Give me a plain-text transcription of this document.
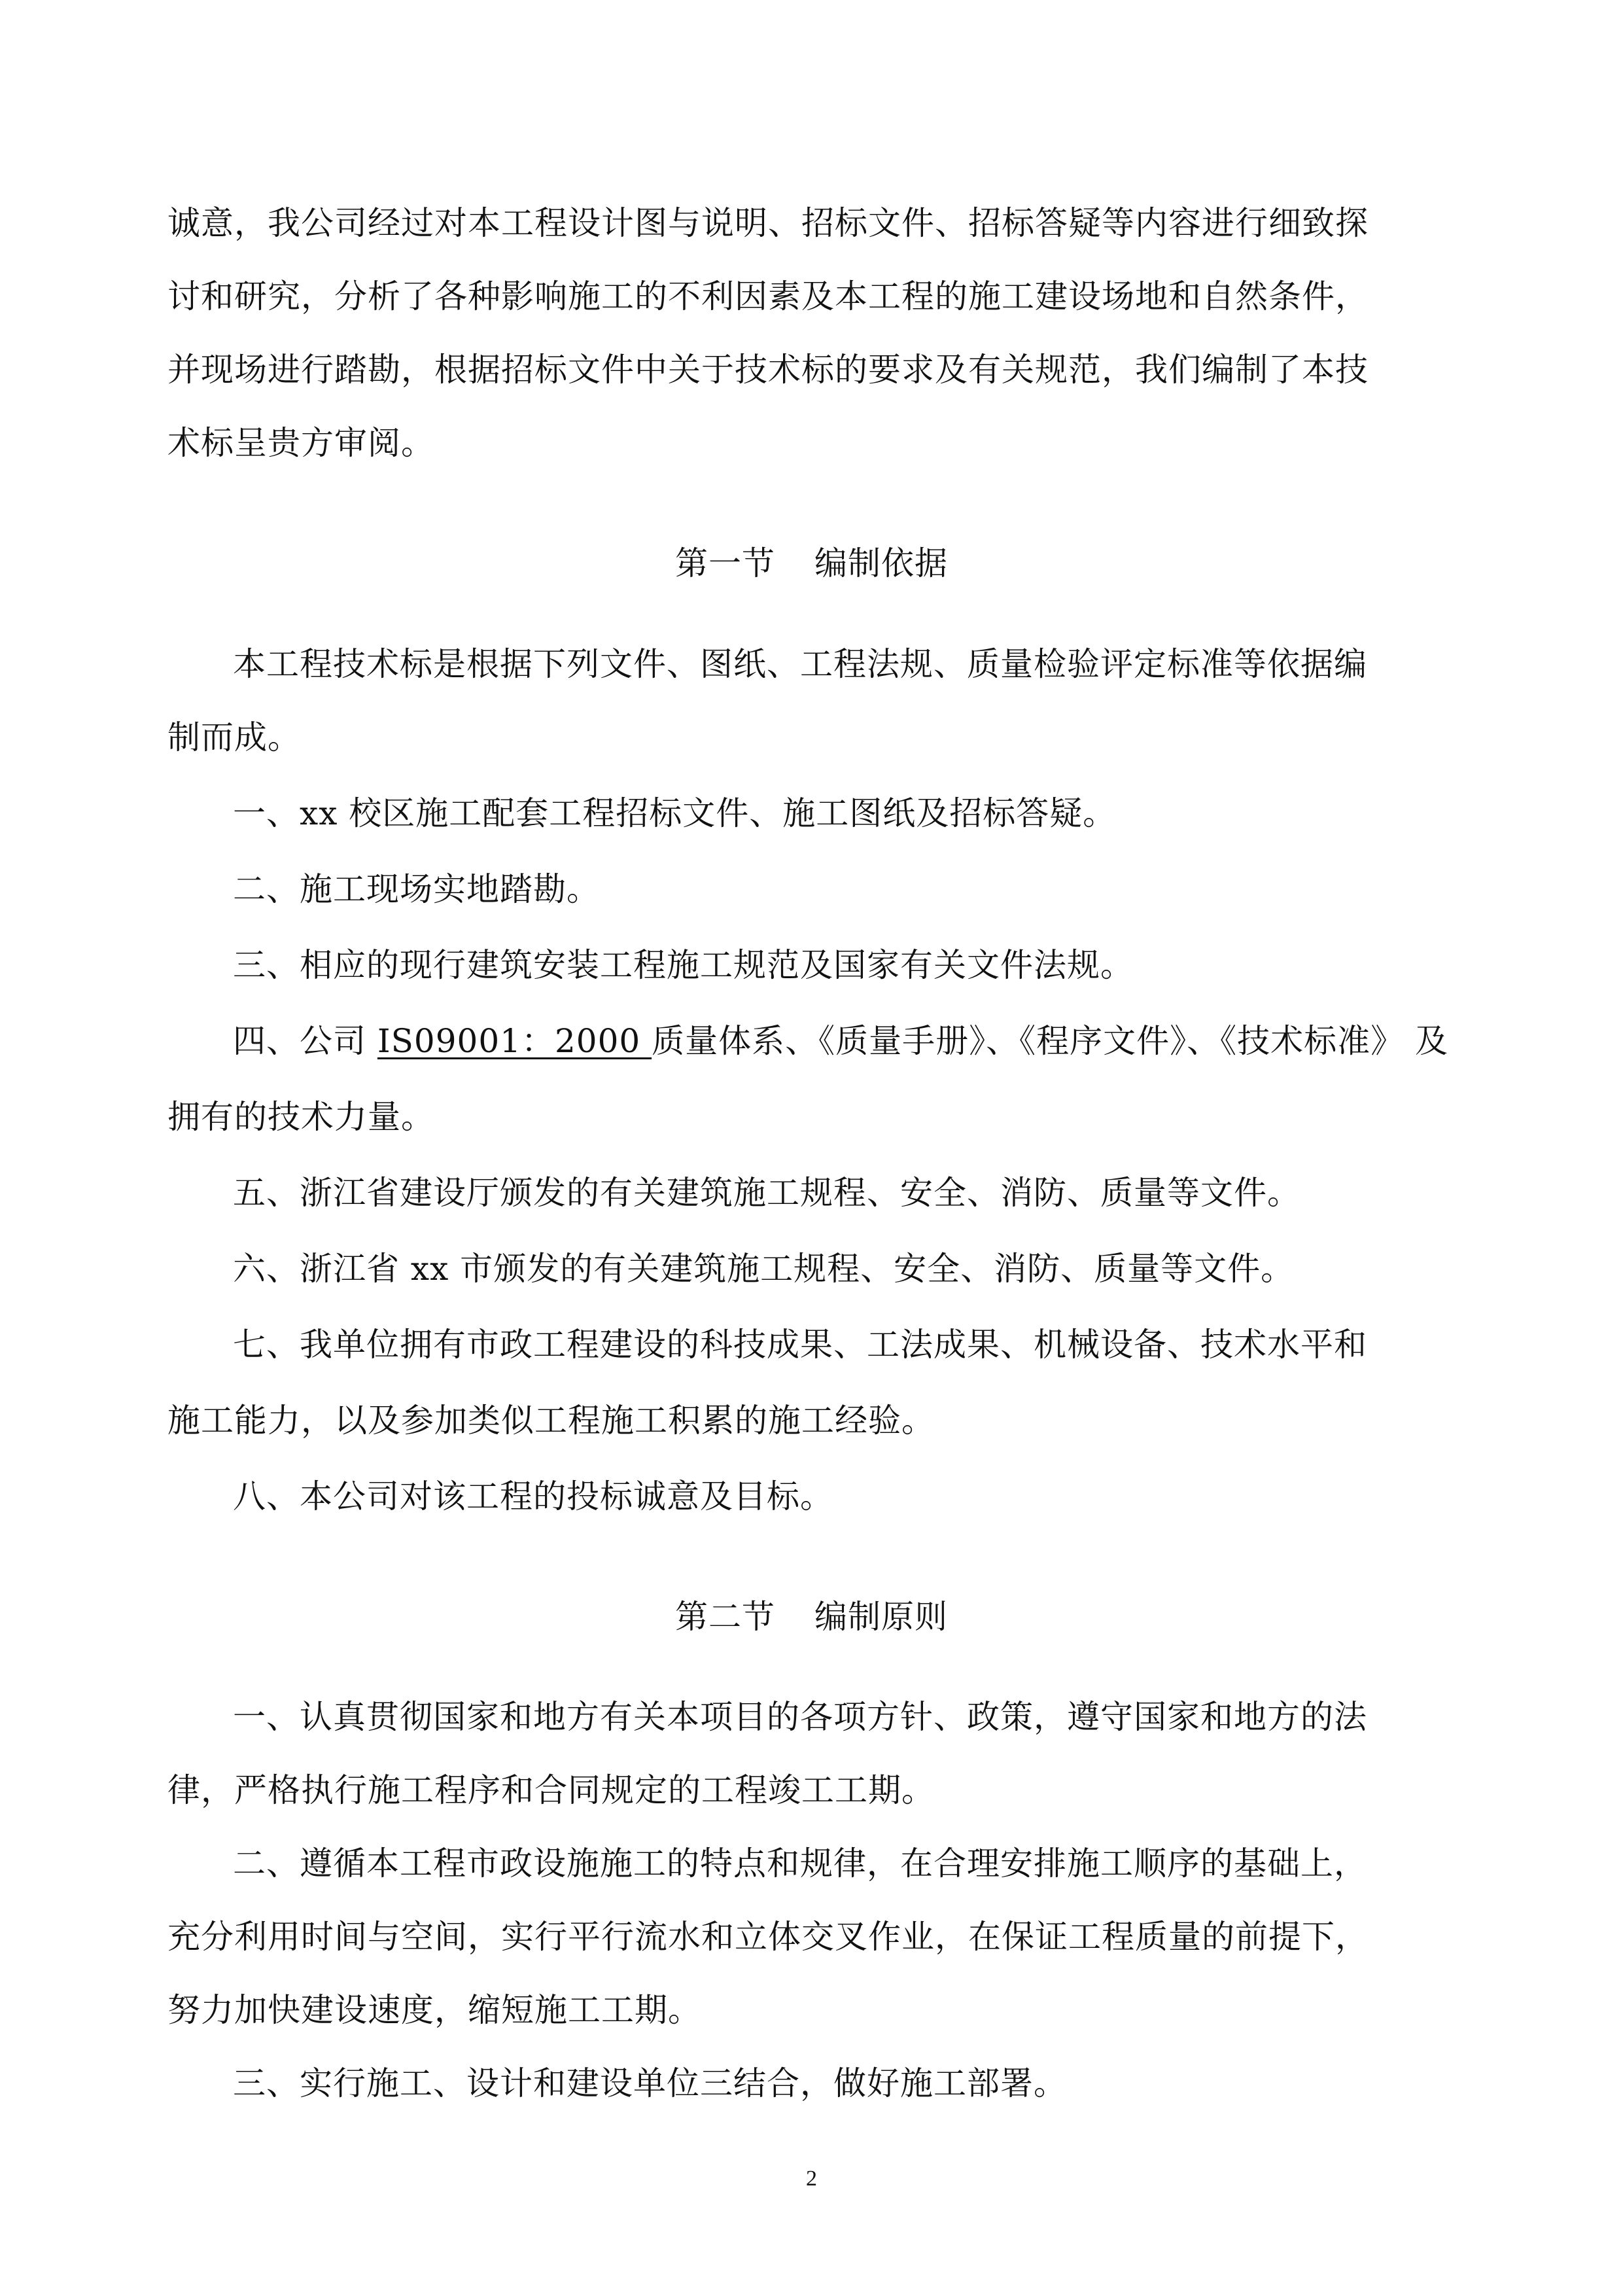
诚意，我公司经过对本工程设计图与说明、招标文件、招标答疑等内容进行细致探
讨和研究，分析了各种影响施工的不利因素及本工程的施工建设场地和自然条件，
并现场进行踏勘，根据招标文件中关于技术标的要求及有关规范，我们编制了本技
术标呈贵方审阅。
第一节 编制依据
本工程技术标是根据下列文件、图纸、工程法规、质量检验评定标准等依据编
制而成。
一、xx 校区施工配套工程招标文件、施工图纸及招标答疑。
二、施工现场实地踏勘。
三、相应的现行建筑安装工程施工规范及国家有关文件法规。
四、公司 IS09001：2000 质量体系、《质量手册》、《程序文件》、《技术标准》 及
拥有的技术力量。
五、浙江省建设厅颁发的有关建筑施工规程、安全、消防、质量等文件。
六、浙江省 xx 市颁发的有关建筑施工规程、安全、消防、质量等文件。
七、我单位拥有市政工程建设的科技成果、工法成果、机械设备、技术水平和
施工能力，以及参加类似工程施工积累的施工经验。
八、本公司对该工程的投标诚意及目标。
第二节 编制原则
一、认真贯彻国家和地方有关本项目的各项方针、政策，遵守国家和地方的法
律，严格执行施工程序和合同规定的工程竣工工期。
二、遵循本工程市政设施施工的特点和规律，在合理安排施工顺序的基础上，
充分利用时间与空间，实行平行流水和立体交叉作业，在保证工程质量的前提下，
努力加快建设速度，缩短施工工期。
三、实行施工、设计和建设单位三结合，做好施工部署。
2
